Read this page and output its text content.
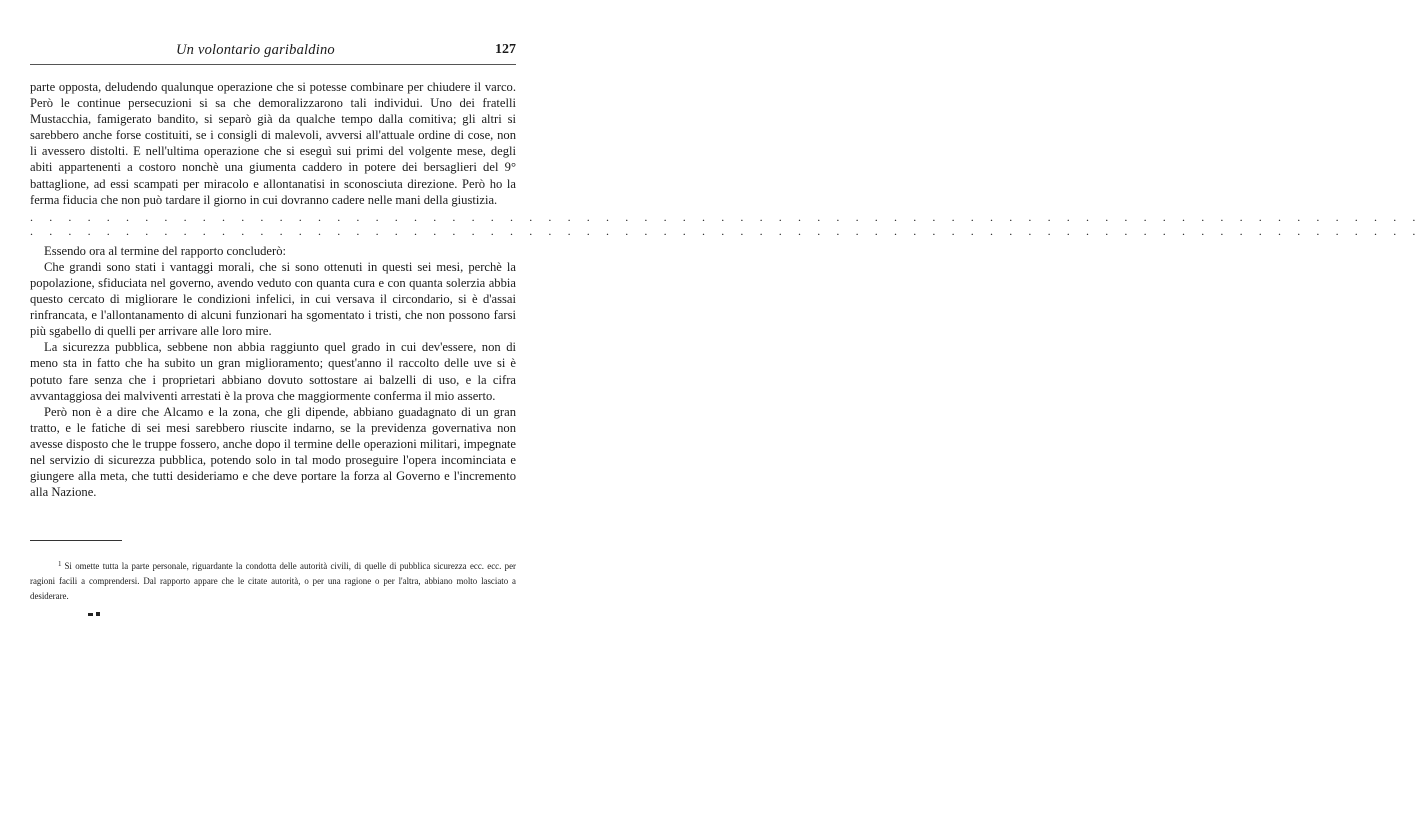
Un volontario garibaldino	127

parte opposta, deludendo qualunque operazione che si potesse combinare per chiudere il varco. Però le continue persecuzioni si sa che demoralizzarono tali individui. Uno dei fratelli Mustacchia, famigerato bandito, si separò già da qualche tempo dalla comitiva; gli altri si sarebbero anche forse costituiti, se i consigli di malevoli, avversi all'attuale ordine di cose, non li avessero distolti. E nell'ultima operazione che si eseguì sui primi del volgente mese, degli abiti appartenenti a costoro nonchè una giumenta caddero in potere dei bersaglieri del 9° battaglione, ad essi scampati per miracolo e allontanatisi in sconosciuta direzione. Però ho la ferma fiducia che non può tardare il giorno in cui dovranno cadere nelle mani della giustizia.

. . . . . . . . . . . . . . . . . . . . . . . . . . . . . . . . . . . . . . . . . . . . . . . . . . . . . . . . . . . . . . . . . . . . . . . . .
. . . . . . . . . . . . . . . . . . . . . . . . . . . . . . . . . . . . . . . . . . . . . . . . . . . . . . . . . . . . . . . . . . . . . . . . .

Essendo ora al termine del rapporto concluderò:

Che grandi sono stati i vantaggi morali, che si sono ottenuti in questi sei mesi, perchè la popolazione, sfiduciata nel governo, avendo veduto con quanta cura e con quanta solerzia abbia questo cercato di migliorare le condizioni infelici, in cui versava il circondario, si è d'assai rinfrancata, e l'allontanamento di alcuni funzionari ha sgomentato i tristi, che non possono farsi più sgabello di quelli per arrivare alle loro mire.

La sicurezza pubblica, sebbene non abbia raggiunto quel grado in cui dev'essere, non di meno sta in fatto che ha subito un gran miglioramento; quest'anno il raccolto delle uve si è potuto fare senza che i proprietari abbiano dovuto sottostare ai balzelli di uso, e la cifra avvantaggiosa dei malviventi arrestati è la prova che maggiormente conferma il mio asserto.

Però non è a dire che Alcamo e la zona, che gli dipende, abbiano guadagnato di un gran tratto, e le fatiche di sei mesi sarebbero riuscite indarno, se la previdenza governativa non avesse disposto che le truppe fossero, anche dopo il termine delle operazioni militari, impegnate nel servizio di sicurezza pubblica, potendo solo in tal modo proseguire l'opera incominciata e giungere alla meta, che tutti desideriamo e che deve portare la forza al Governo e l'incremento alla Nazione.

$^1$ Si omette tutta la parte personale, riguardante la condotta delle autorità civili, di quelle di pubblica sicurezza ecc. ecc. per ragioni facili a comprendersi. Dal rapporto appare che le citate autorità, o per una ragione o per l'altra, abbiano molto lasciato a desiderare.
